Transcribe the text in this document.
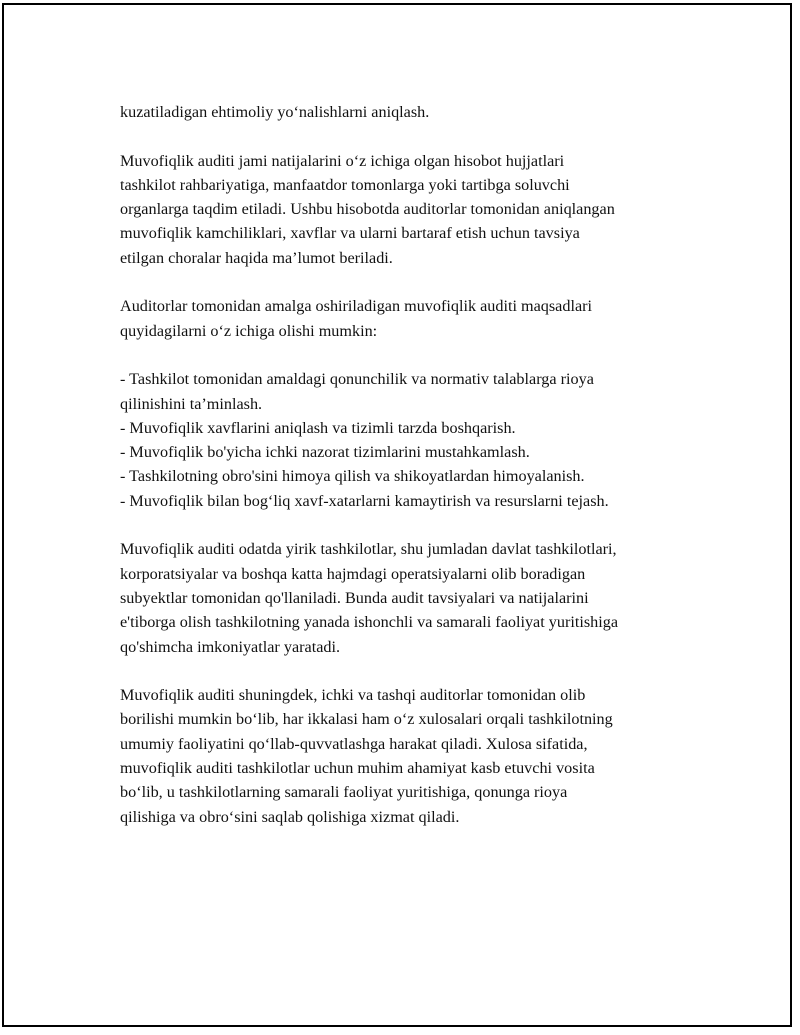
kuzatiladigan ehtimoliy yo‘nalishlarni aniqlash.

Muvofiqlik auditi jami natijalarini o‘z ichiga olgan hisobot hujjatlari
tashkilot rahbariyatiga, manfaatdor tomonlarga yoki tartibga soluvchi
organlarga taqdim etiladi. Ushbu hisobotda auditorlar tomonidan aniqlangan
muvofiqlik kamchiliklari, xavflar va ularni bartaraf etish uchun tavsiya
etilgan choralar haqida ma’lumot beriladi.

Auditorlar tomonidan amalga oshiriladigan muvofiqlik auditi maqsadlari
quyidagilarni o‘z ichiga olishi mumkin:

- Tashkilot tomonidan amaldagi qonunchilik va normativ talablarga rioya
qilinishini ta’minlash.
- Muvofiqlik xavflarini aniqlash va tizimli tarzda boshqarish.
- Muvofiqlik bo'yicha ichki nazorat tizimlarini mustahkamlash.
- Tashkilotning obro'sini himoya qilish va shikoyatlardan himoyalanish.
- Muvofiqlik bilan bog‘liq xavf-xatarlarni kamaytirish va resurslarni tejash.

Muvofiqlik auditi odatda yirik tashkilotlar, shu jumladan davlat tashkilotlari,
korporatsiyalar va boshqa katta hajmdagi operatsiyalarni olib boradigan
subyektlar tomonidan qo'llaniladi. Bunda audit tavsiyalari va natijalarini
e'tiborga olish tashkilotning yanada ishonchli va samarali faoliyat yuritishiga
qo'shimcha imkoniyatlar yaratadi.

Muvofiqlik auditi shuningdek, ichki va tashqi auditorlar tomonidan olib
borilishi mumkin bo‘lib, har ikkalasi ham o‘z xulosalari orqali tashkilotning
umumiy faoliyatini qo‘llab-quvvatlashga harakat qiladi. Xulosa sifatida,
muvofiqlik auditi tashkilotlar uchun muhim ahamiyat kasb etuvchi vosita
bo‘lib, u tashkilotlarning samarali faoliyat yuritishiga, qonunga rioya
qilishiga va obro‘sini saqlab qolishiga xizmat qiladi.
